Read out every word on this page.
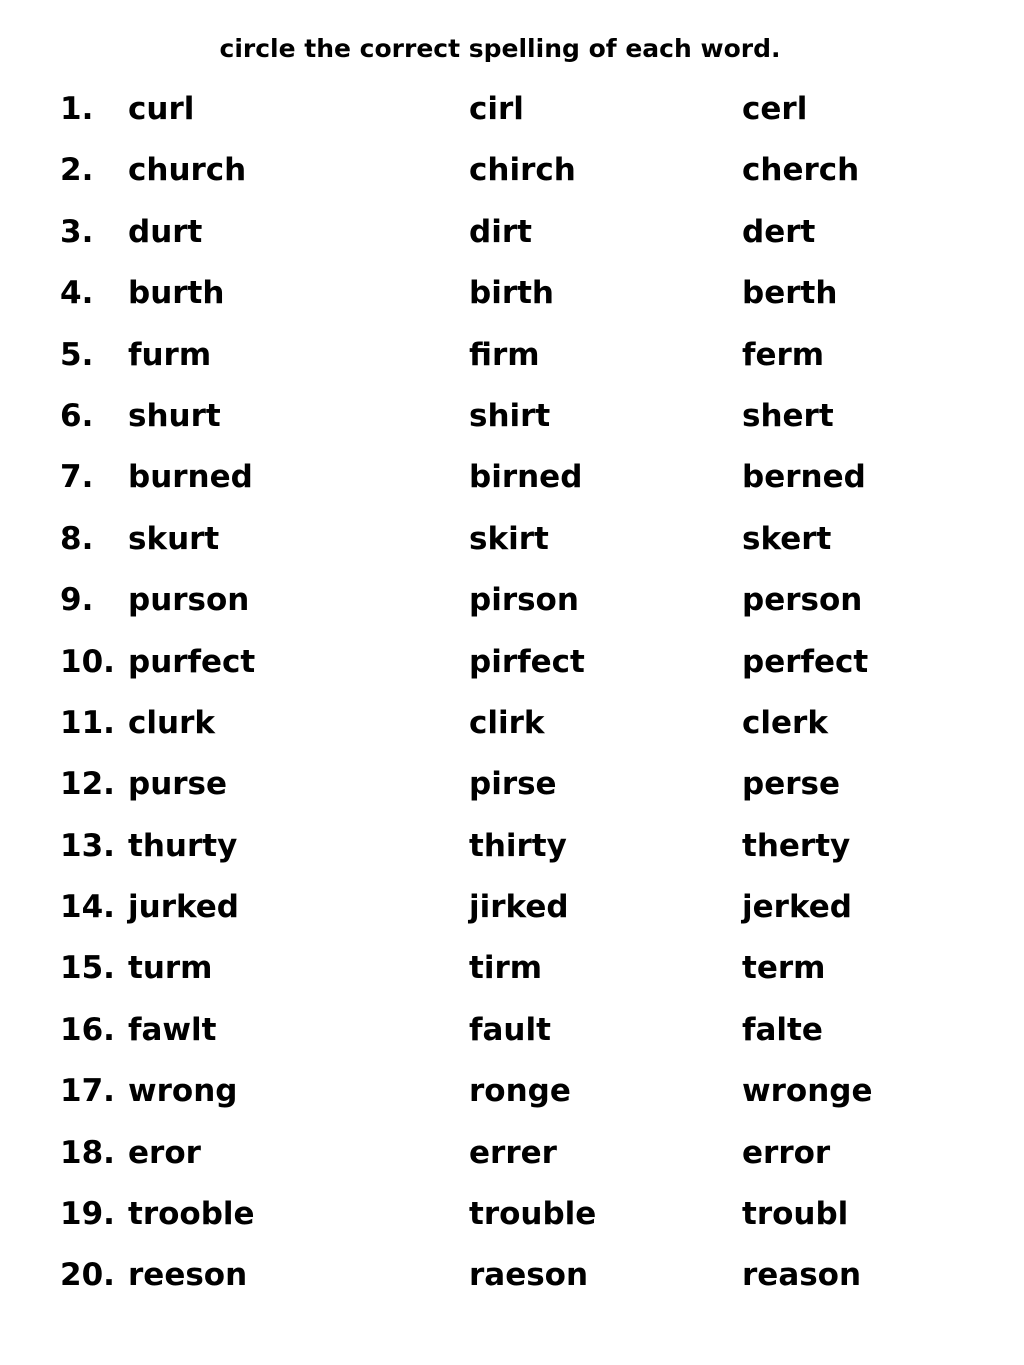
circle the correct spelling of each word.
1. curl	cirl	cerl
2. church	chirch	cherch
3. durt	dirt	dert
4. burth	birth	berth
5. furm	firm	ferm
6. shurt	shirt	shert
7. burned	birned	berned
8. skurt	skirt	skert
9. purson	pirson	person
10. purfect	pirfect	perfect
11. clurk	clirk	clerk
12. purse	pirse	perse
13. thurty	thirty	therty
14. jurked	jirked	jerked
15. turm	tirm	term
16. fawlt	fault	falte
17. wrong	ronge	wronge
18. eror	errer	error
19. trooble	trouble	troubl
20. reeson	raeson	reason
